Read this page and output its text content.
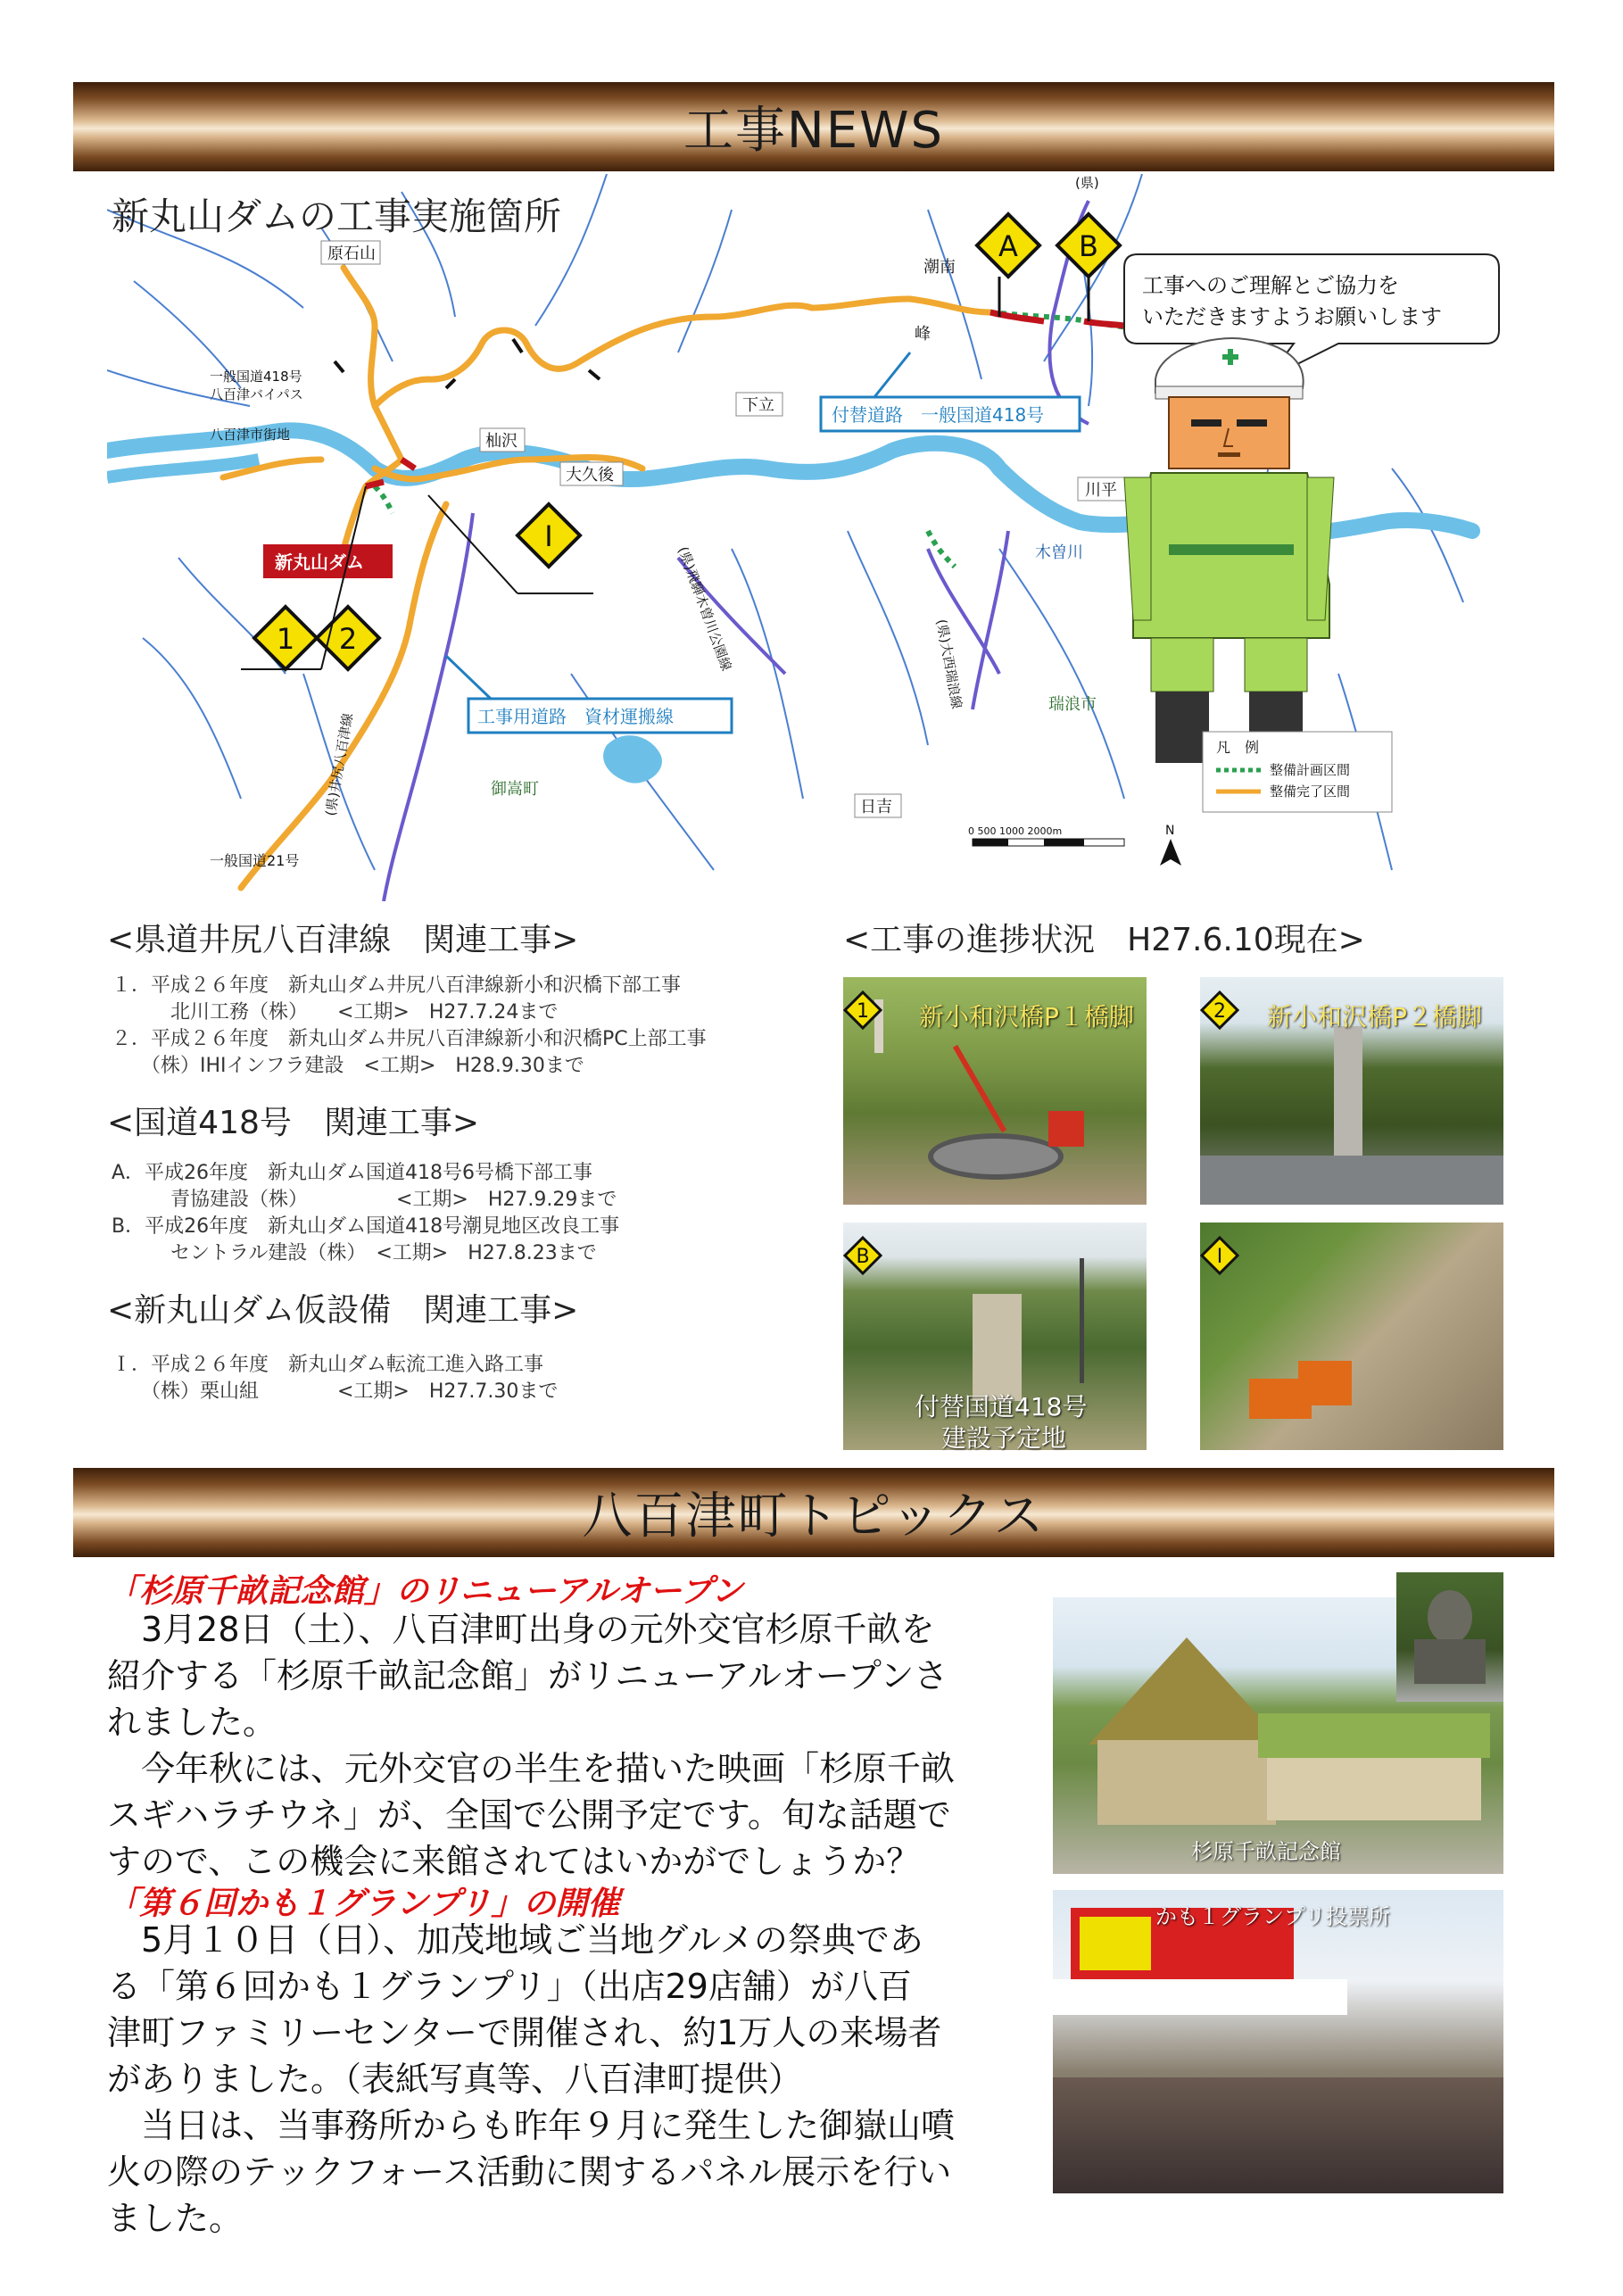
工事NEWS
原石山
潮南
峰
下立
杣沢
大久後
川平
木曽川
瑞浪市
御嵩町
日吉
八百津市街地
一般国道418号
八百津バイパス
一般国道21号
(県)
(県)井尻八百津線
(県)飛騨木曽川公園線	(県)大西瑞浪線
付替道路　一般国道418号
工事用道路　資材運搬線
新丸山ダム
工事へのご理解とご協力を
いただきますようお願いします
凡　例
整備計画区間
整備完了区間
0 500 1000 2000m	N
A B
I
1 2
新丸山ダムの工事実施箇所
<県道井尻八百津線　関連工事>
１．平成２６年度　新丸山ダム井尻八百津線新小和沢橋下部工事
　　　北川工務（株）　　<工期>　H27.7.24まで
２．平成２６年度　新丸山ダム井尻八百津線新小和沢橋PC上部工事
　　（株）IHIインフラ建設　<工期>　H28.9.30まで
<国道418号　関連工事>
A．平成26年度　新丸山ダム国道418号6号橋下部工事
　　　青協建設（株）　　　　　<工期>　H27.9.29まで
B．平成26年度　新丸山ダム国道418号潮見地区改良工事
　　　セントラル建設（株）　<工期>　H27.8.23まで
<新丸山ダム仮設備　関連工事>
Ｉ．平成２６年度　新丸山ダム転流工進入路工事
　　（株）栗山組　　　　<工期>　H27.7.30まで
<工事の進捗状況　H27.6.10現在>
1 新小和沢橋P１橋脚	2 新小和沢橋P２橋脚
B
付替国道418号
建設予定地
I
八百津町トピックス
「杉原千畝記念館」のリニューアルオープン
　3月28日（土）、八百津町出身の元外交官杉原千畝を
紹介する「杉原千畝記念館」がリニューアルオープンさ
れました。
　今年秋には、元外交官の半生を描いた映画「杉原千畝
スギハラチウネ」が、全国で公開予定です。旬な話題で
すので、この機会に来館されてはいかがでしょうか？
「第６回かも１グランプリ」の開催
　5月１０日（日）、加茂地域ご当地グルメの祭典であ
る「第６回かも１グランプリ」（出店29店舗）が八百
津町ファミリーセンターで開催され、約1万人の来場者
がありました。（表紙写真等、八百津町提供）
　当日は、当事務所からも昨年９月に発生した御嶽山噴
火の際のテックフォース活動に関するパネル展示を行い
ました。
杉原千畝記念館
かも１グランプリ投票所
